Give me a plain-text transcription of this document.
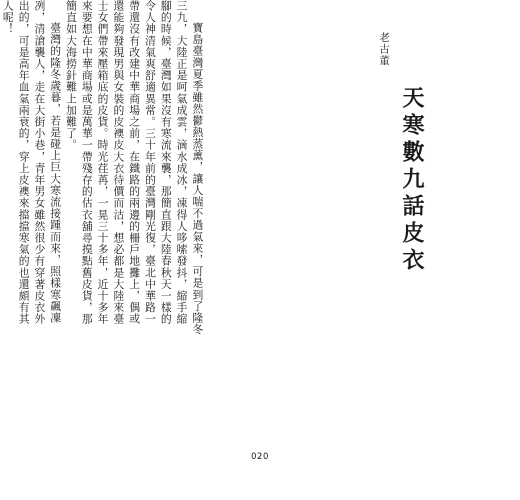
老古董
天寒數九話皮衣
寶島臺灣夏季雖然鬱熱蒸薰，讓人喘不過氣來，可是到了隆冬三九，大陸正是呵氣成雲，滴水成冰，凍得人哆嗦發抖，縮手縮腳的時候，臺灣如果沒有寒流來襲，那簡直跟大陸春秋天一樣的令人神清氣爽舒適異常。三十年前的臺灣剛光復，臺北中華路一帶還沒有改建中華商場之前，在鐵路的兩邊的柵戶地攤上，偶或還能夠發現男與女裝的皮襖皮大衣待價而沽，想必都是大陸來臺士女們帶來壓箱底的皮貨。時光荏苒，一晃三十多年，近十多年來要想在中華商場或是萬華一帶殘存的估衣舖尋摸點舊皮貨，那簡直如大海撈針難上加難了。
臺灣的隆冬歲暮，若是碰上巨大寒流接踵而來，照樣寒飆凜冽，清滄襲人，走在大街小巷，青年男女雖然很少有穿著皮衣外出的，可是高年血氣兩衰的，穿上皮襖來擋擋寒氣的也還頗有其人呢！
020
